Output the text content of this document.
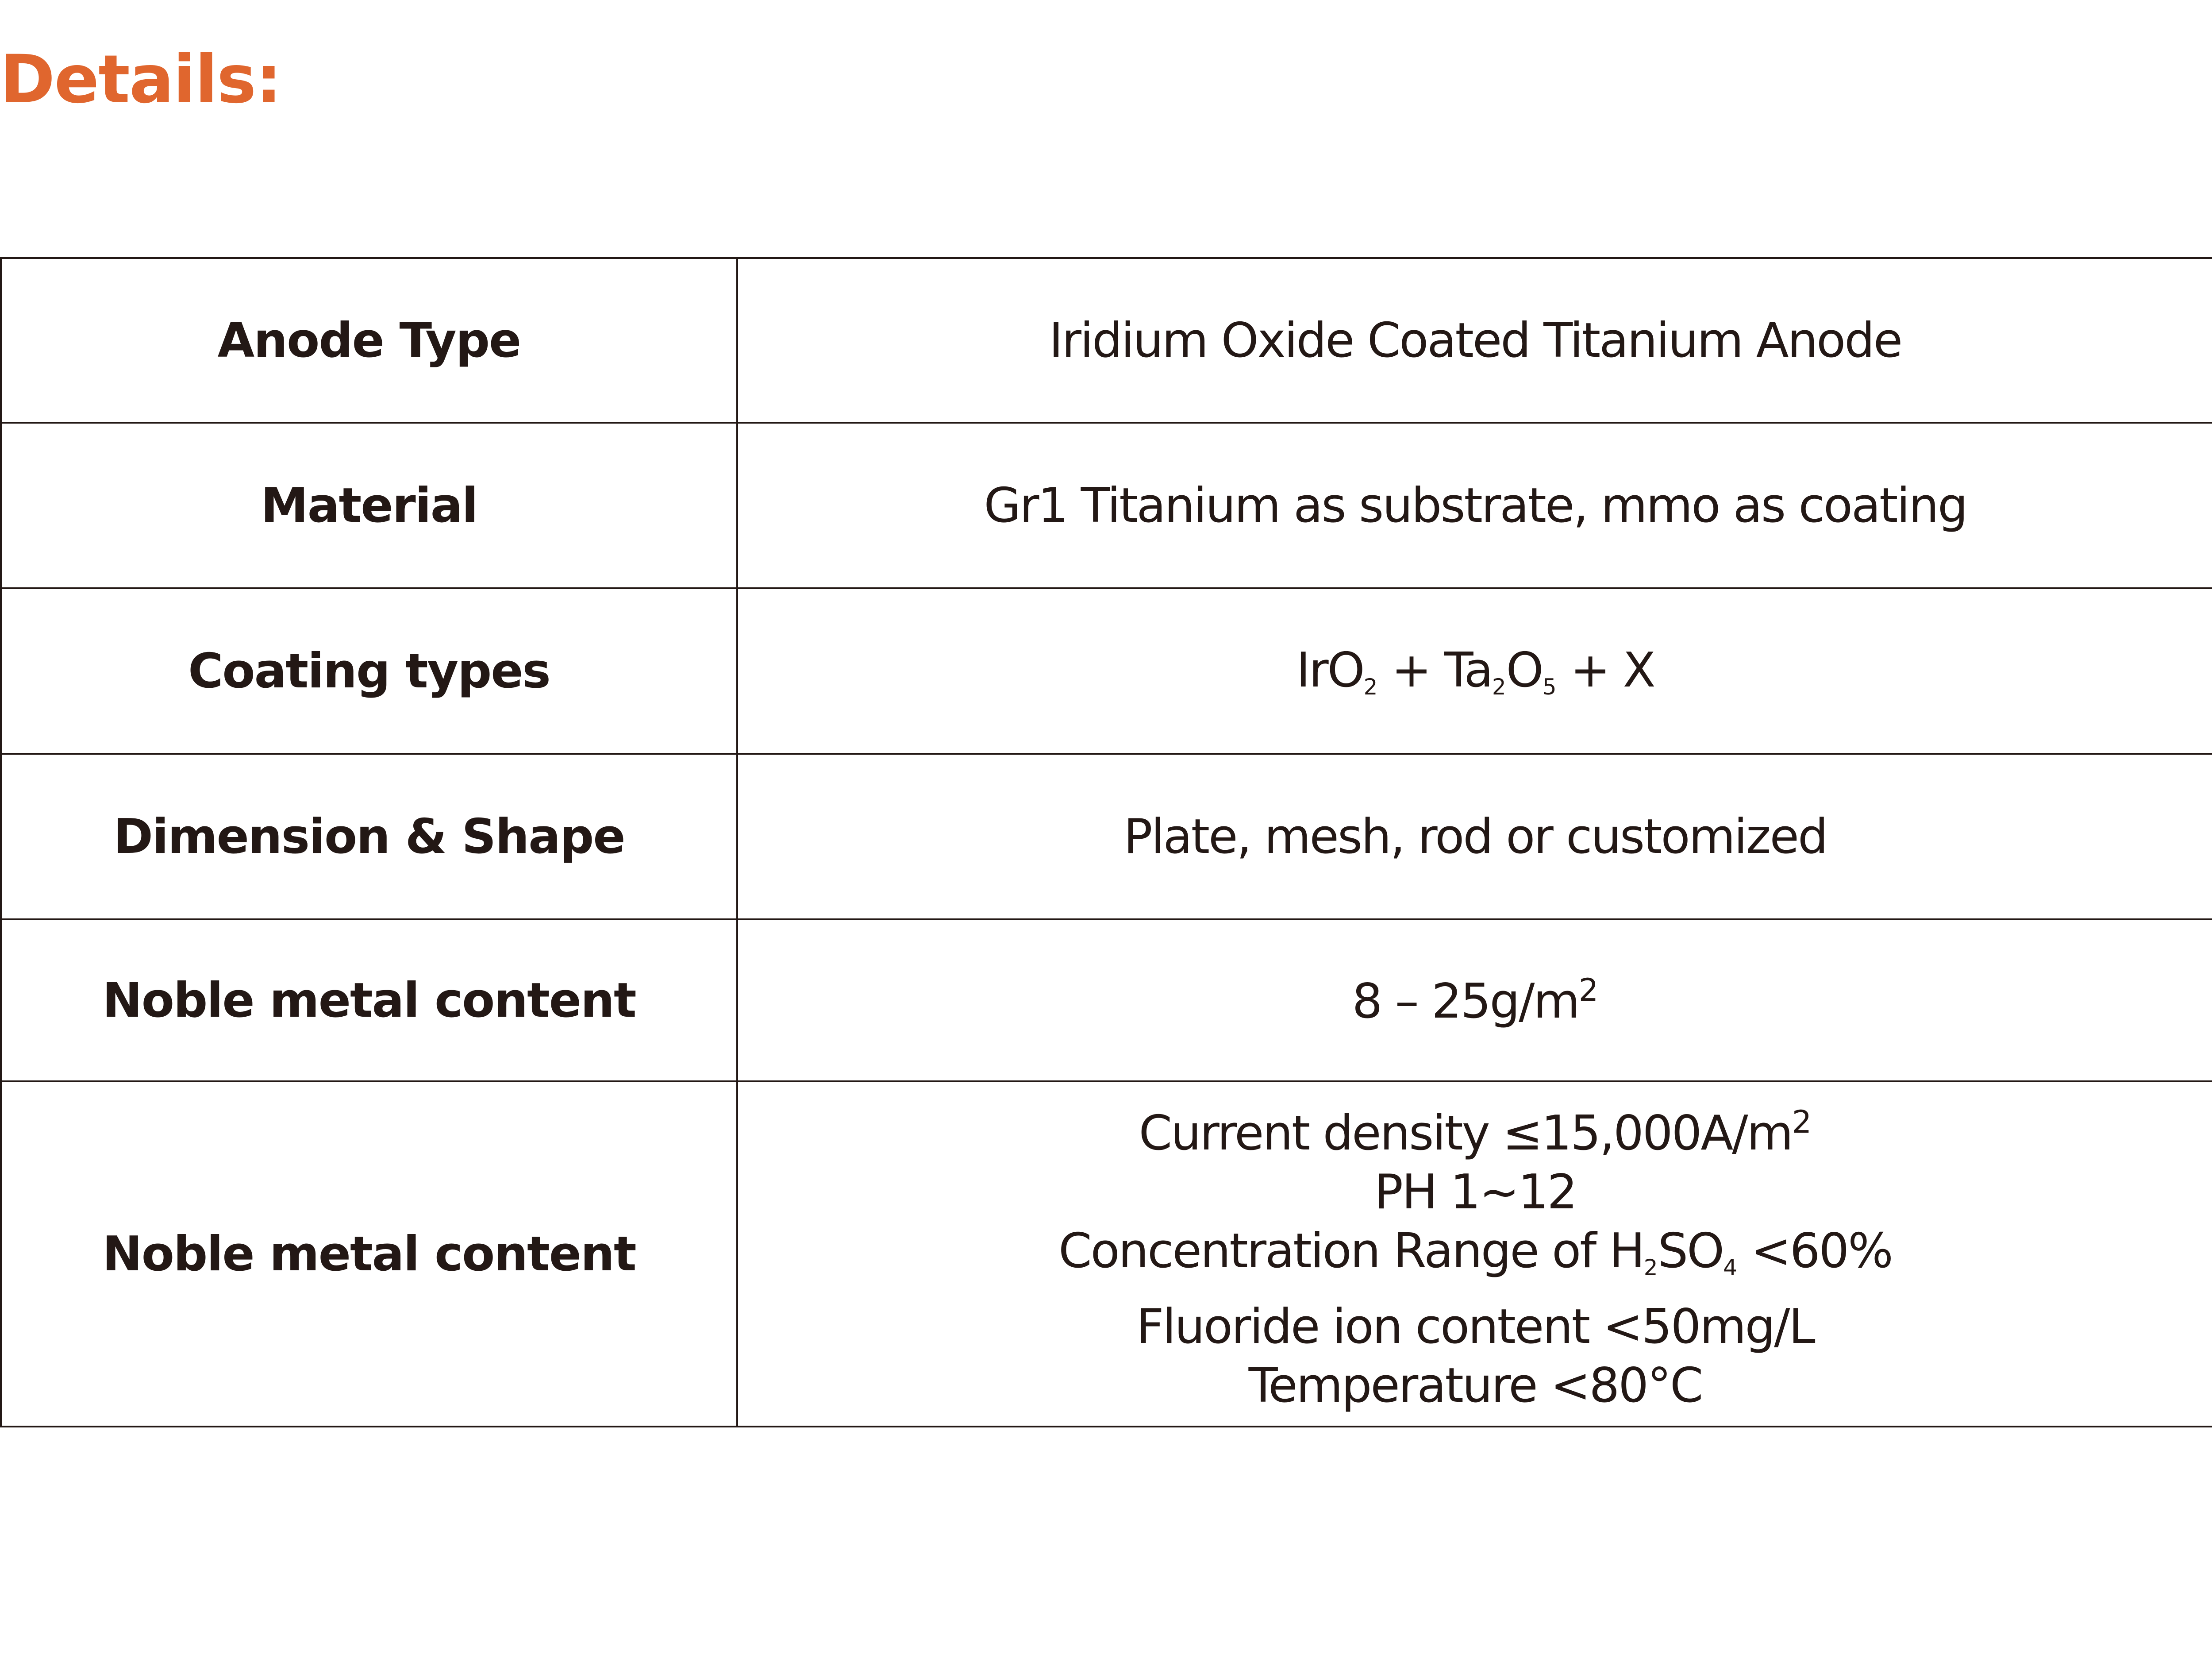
Details:
Anode Type	Iridium Oxide Coated Titanium Anode
Material	Gr1 Titanium as substrate, mmo as coating
Coating types	$IrO_2 + Ta_2O_5 + X$
Dimension & Shape	Plate, mesh, rod or customized
Noble metal content	$8 - 25g/m^2$
Noble metal content	Current density $\le 15,000A/m^2$
PH 1~12
Concentration Range of $H_2SO_4 <60\%$
Fluoride ion content <50mg/L
Temperature <80°C
